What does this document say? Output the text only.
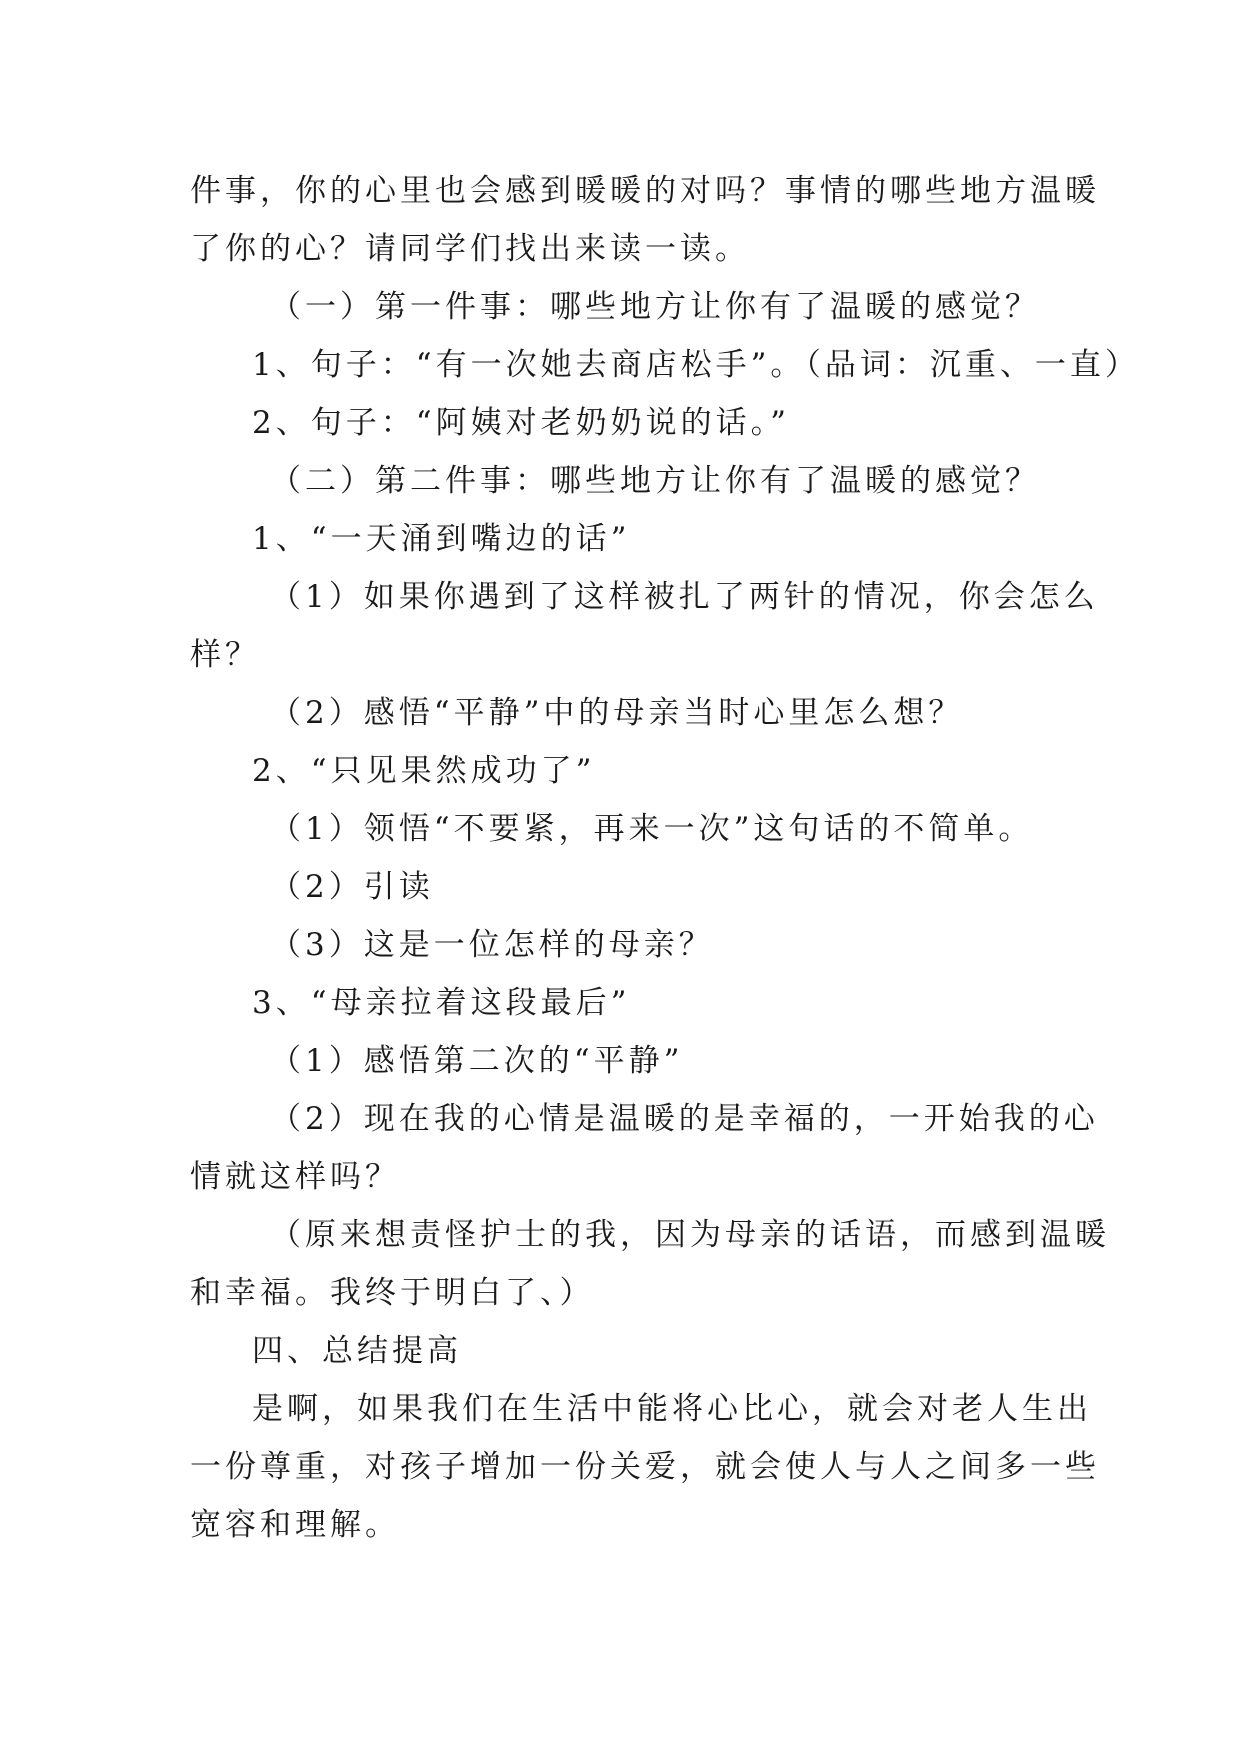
件事，你的心里也会感到暖暖的对吗？事情的哪些地方温暖
了你的心？请同学们找出来读一读。
（一）第一件事：哪些地方让你有了温暖的感觉？
1、句子：“有一次她去商店松手”。（品词：沉重、一直）
2、句子：“阿姨对老奶奶说的话。”
（二）第二件事：哪些地方让你有了温暖的感觉？
1、“一天涌到嘴边的话”
（1）如果你遇到了这样被扎了两针的情况，你会怎么
样？
（2）感悟“平静”中的母亲当时心里怎么想？
2、“只见果然成功了”
（1）领悟“不要紧，再来一次”这句话的不简单。
（2）引读
（3）这是一位怎样的母亲？
3、“母亲拉着这段最后”
（1）感悟第二次的“平静”
（2）现在我的心情是温暖的是幸福的，一开始我的心
情就这样吗？
（原来想责怪护士的我，因为母亲的话语，而感到温暖
和幸福。我终于明白了、）
四、总结提高
是啊，如果我们在生活中能将心比心，就会对老人生出
一份尊重，对孩子增加一份关爱，就会使人与人之间多一些
宽容和理解。
